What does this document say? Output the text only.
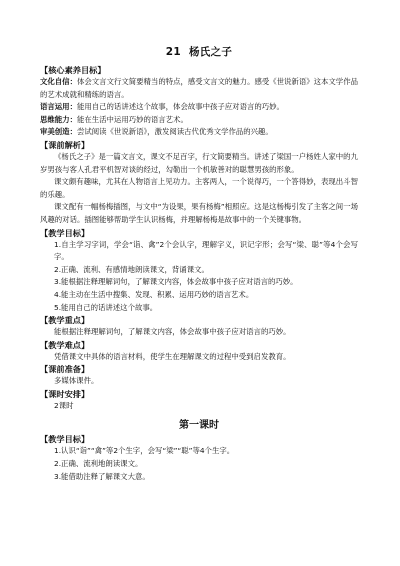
21 杨氏之子
【核心素养目标】
文化自信：体会文言文行文简要精当的特点，感受文言文的魅力。感受《世说新语》这本文学作品的艺术成就和精练的语言。
语言运用：能用自己的话讲述这个故事，体会故事中孩子应对语言的巧妙。
思维能力：能在生活中运用巧妙的语言艺术。
审美创造：尝试阅读《世说新语》，激发阅读古代优秀文学作品的兴趣。
【课前解析】
《杨氏之子》是一篇文言文，课文不足百字，行文简要精当。讲述了梁国一户杨姓人家中的九岁男孩与客人孔君平机智对谈的经过，勾勒出一个机敏善对的聪慧男孩的形象。
课文颇有趣味，尤其在人物语言上见功力。主客两人，一个说得巧，一个答得妙，表现出斗智的乐趣。
课文配有一幅杨梅插图，与文中“为设果，果有杨梅”相照应。这是这杨梅引发了主客之间一场风趣的对话。插图能够帮助学生认识杨梅，并理解杨梅是故事中的一个关键事物。
【教学目标】
1.自主学习字词，学会“诣、禽”2个会认字，理解字义，识记字形；会写“梁、聪”等4个会写字。
2.正确、流利、有感情地朗读课文，背诵课文。
3.能根据注释理解词句，了解课文内容，体会故事中孩子应对语言的巧妙。
4.能主动在生活中搜集、发现、积累、运用巧妙的语言艺术。
5.能用自己的话讲述这个故事。
【教学重点】
能根据注释理解词句，了解课文内容，体会故事中孩子应对语言的巧妙。
【教学难点】
凭借课文中具体的语言材料，使学生在理解课文的过程中受到启发教育。
【课前准备】
多媒体课件。
【课时安排】
2课时
第一课时
【教学目标】
1.认识“诣”“禽”等2个生字，会写“梁”“聪”等4个生字。
2.正确、流利地朗读课文。
3.能借助注释了解课文大意。
